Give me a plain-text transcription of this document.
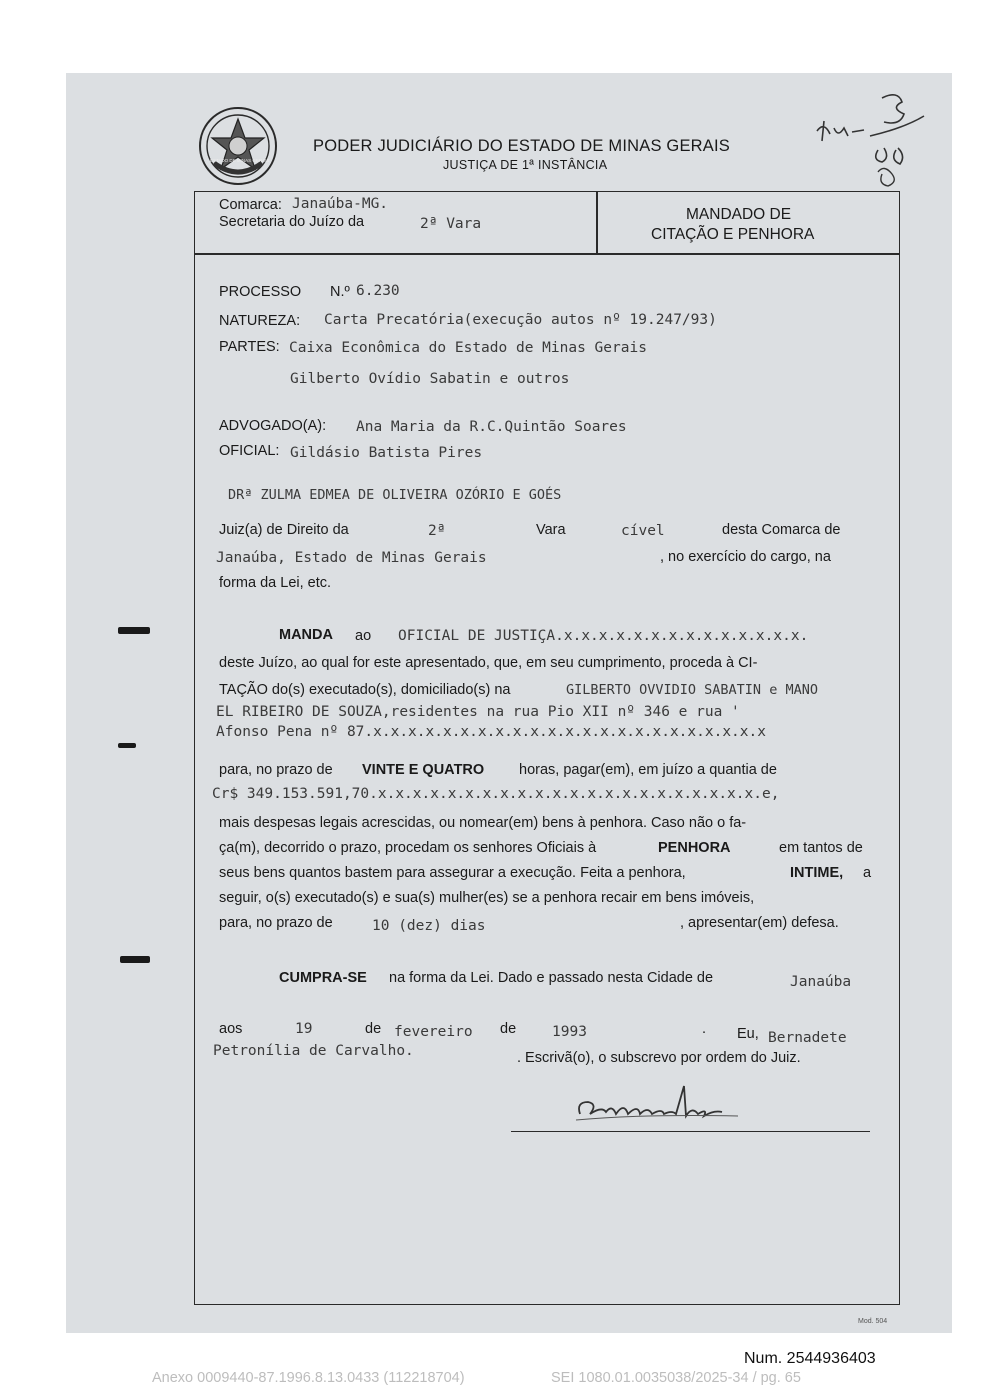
ESTADO DE MINAS GERAIS
PODER JUDICIÁRIO DO ESTADO DE MINAS GERAIS
JUSTIÇA DE 1ª INSTÂNCIA
Comarca: Janaúba-MG.
Secretaria do Juízo da	2ª Vara
MANDADO DE
CITAÇÃO E PENHORA
PROCESSO N.º 6.230
NATUREZA: Carta Precatória(execução autos nº 19.247/93)
PARTES: Caixa Econômica do Estado de Minas Gerais
Gilberto Ovídio Sabatin e outros
ADVOGADO(A): Ana Maria da R.C.Quintão Soares
OFICIAL: Gildásio Batista Pires
DRª ZULMA EDMEA DE OLIVEIRA OZÓRIO E GOÉS
Juiz(a) de Direito da	2ª	Vara	cível	desta Comarca de
Janaúba, Estado de Minas Gerais	, no exercício do cargo, na
forma da Lei, etc.
MANDA ao OFICIAL DE JUSTIÇA.x.x.x.x.x.x.x.x.x.x.x.x.x.x.
deste Juízo, ao qual for este apresentado, que, em seu cumprimento, proceda à CI-
TAÇÃO do(s) executado(s), domiciliado(s) na	GILBERTO OVVIDIO SABATIN e MANO
EL RIBEIRO DE SOUZA,residentes na rua Pio XII nº 346 e rua '
Afonso Pena nº 87.x.x.x.x.x.x.x.x.x.x.x.x.x.x.x.x.x.x.x.x.x.x.x
para, no prazo de VINTE E QUATRO horas, pagar(em), em juízo a quantia de
Cr$ 349.153.591,70.x.x.x.x.x.x.x.x.x.x.x.x.x.x.x.x.x.x.x.x.x.x.e,
mais despesas legais acrescidas, ou nomear(em) bens à penhora. Caso não o fa-
ça(m), decorrido o prazo, procedam os senhores Oficiais à	PENHORA	em tantos de
seus bens quantos bastem para assegurar a execução. Feita a penhora,	INTIME, a
seguir, o(s) executado(s) e sua(s) mulher(es) se a penhora recair em bens imóveis,
para, no prazo de	10 (dez) dias	, apresentar(em) defesa.
CUMPRA-SE na forma da Lei. Dado e passado nesta Cidade de	Janaúba
aos	19	de fevereiro de 1993	. Eu, Bernadete
Petronília de Carvalho.	. Escrivã(o), o subscrevo por ordem do Juiz.
Mod. 504
Num. 2544936403
Anexo 0009440-87.1996.8.13.0433 (112218704)	SEI 1080.01.0035038/2025-34 / pg. 65
